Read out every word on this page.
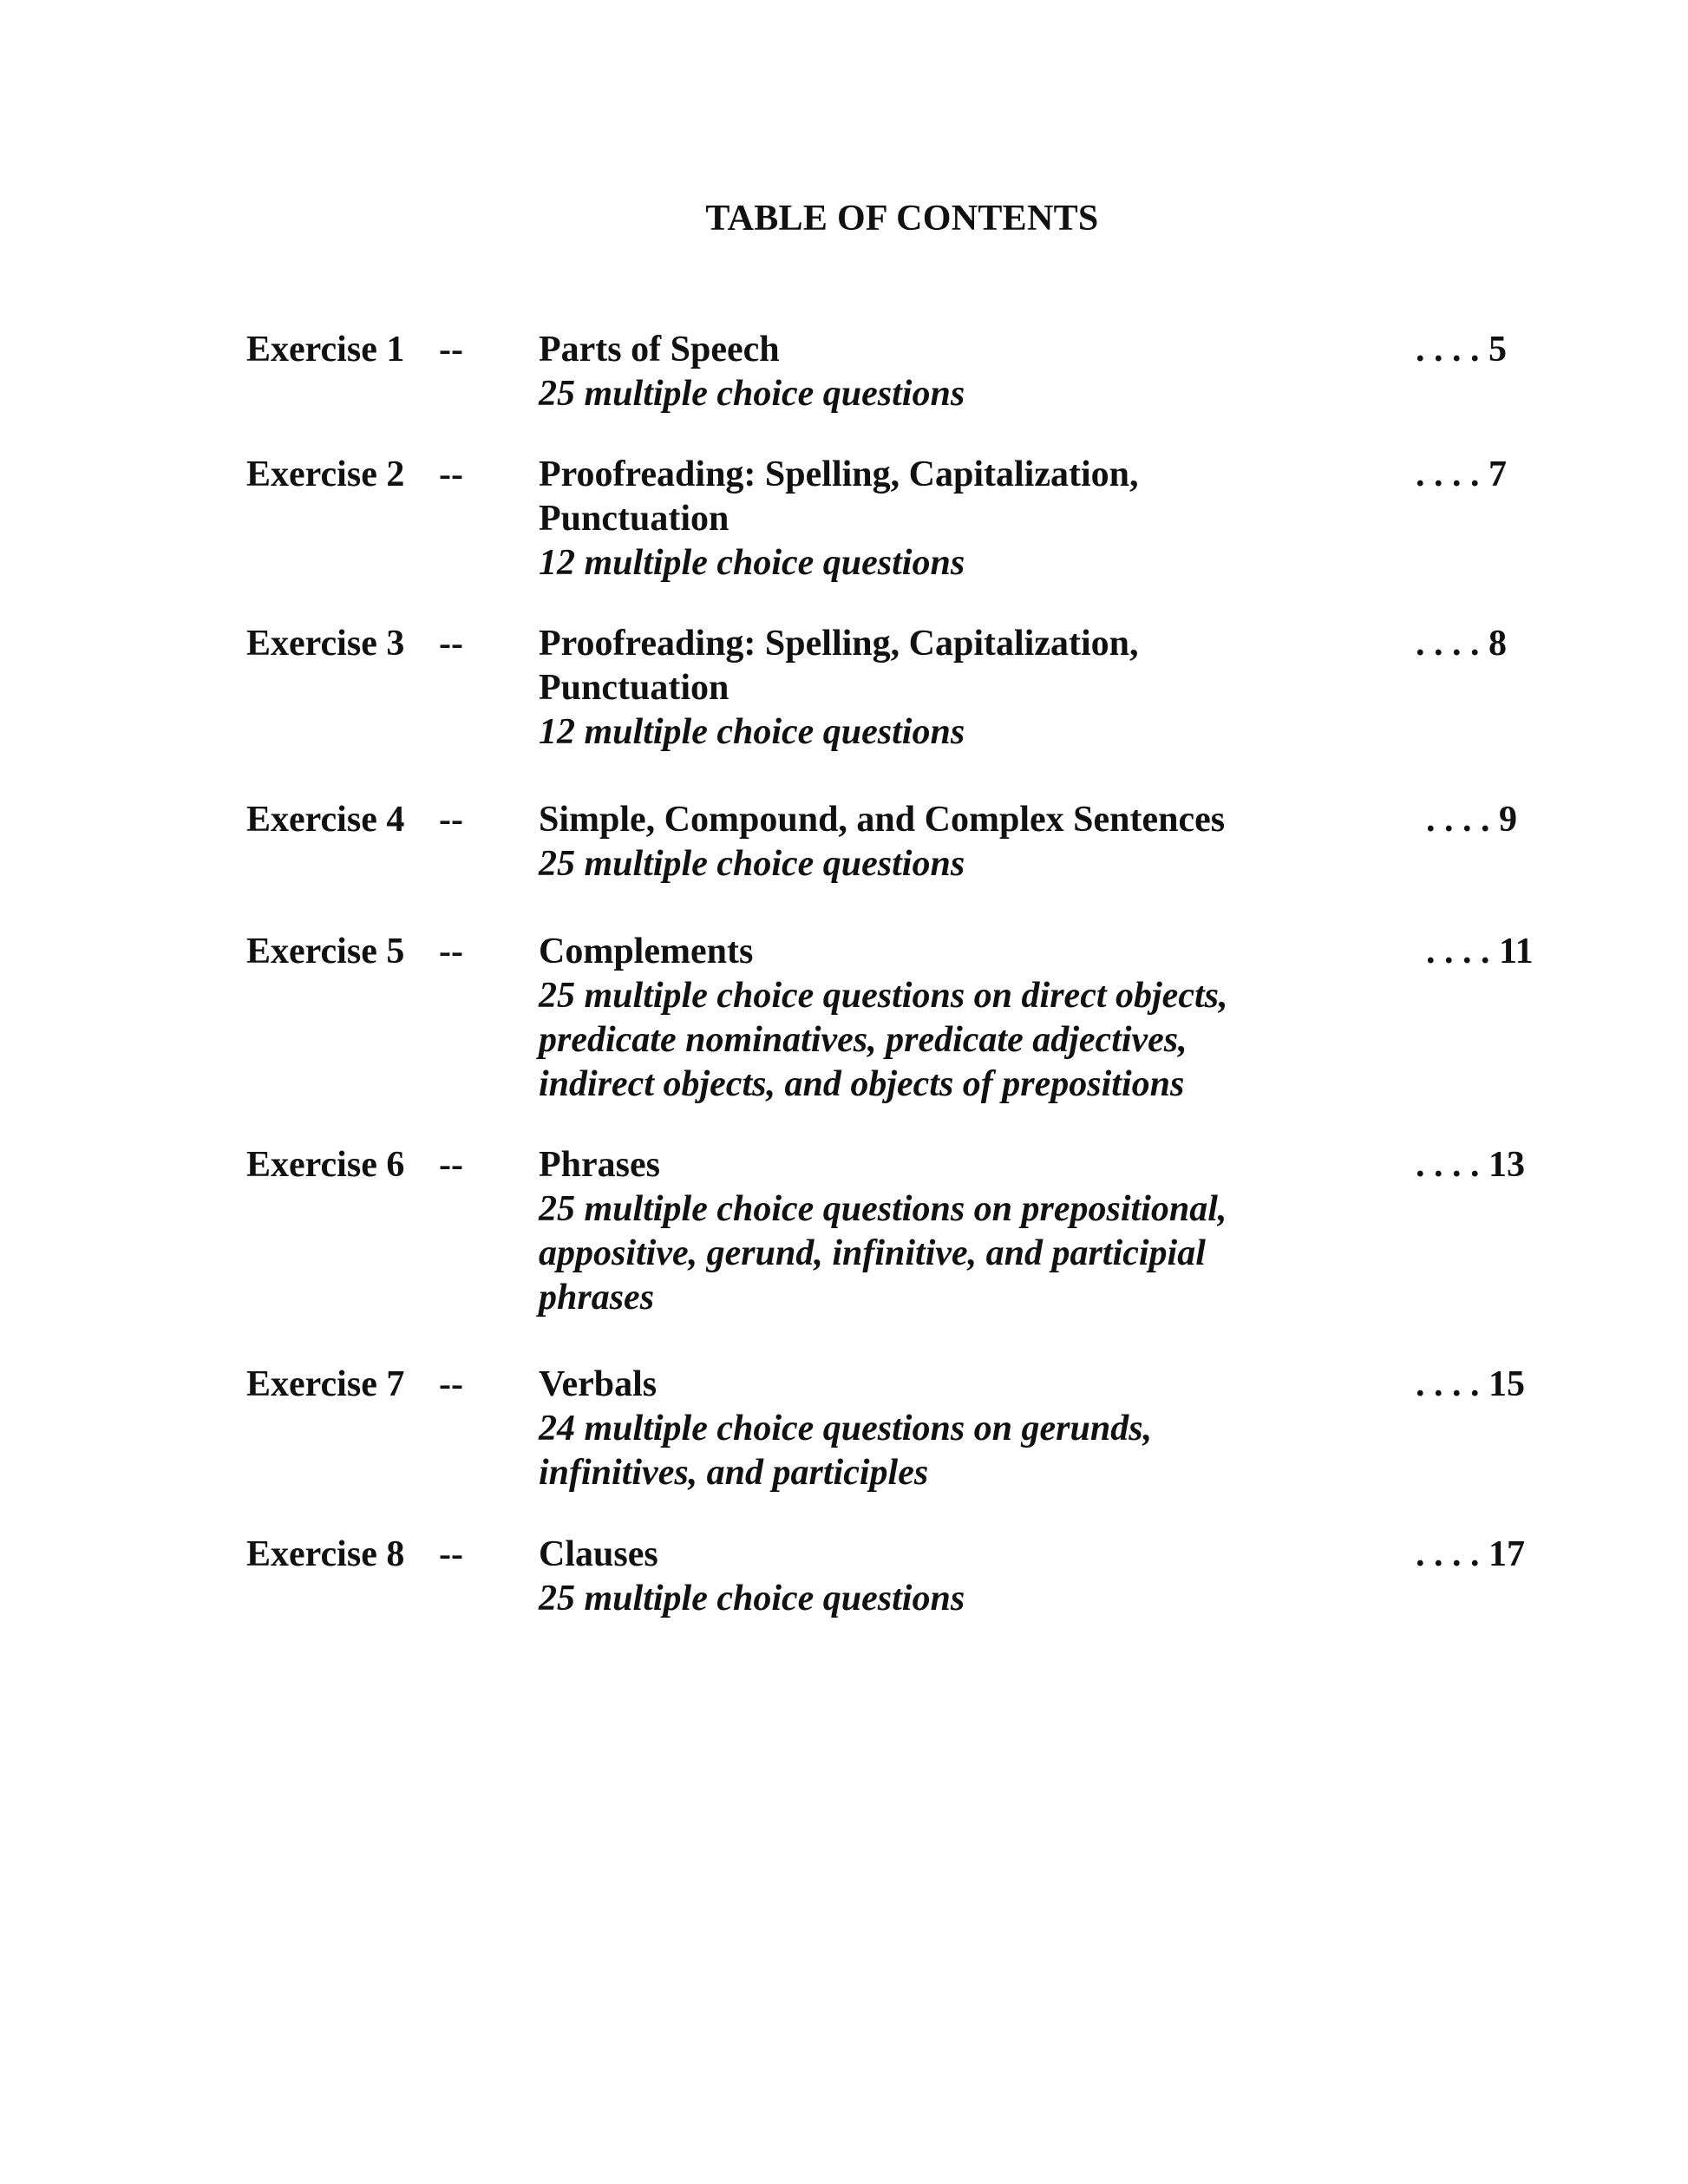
TABLE OF CONTENTS
Exercise 1 -- Parts of Speech
25 multiple choice questions
. . . . 5
Exercise 2 -- Proofreading: Spelling, Capitalization,
Punctuation
12 multiple choice questions
. . . . 7
Exercise 3 -- Proofreading: Spelling, Capitalization,
Punctuation
12 multiple choice questions
. . . . 8
Exercise 4 -- Simple, Compound, and Complex Sentences
25 multiple choice questions
. . . . 9
Exercise 5 -- Complements
25 multiple choice questions on direct objects,
predicate nominatives, predicate adjectives,
indirect objects, and objects of prepositions
. . . . 11
Exercise 6 -- Phrases
25 multiple choice questions on prepositional,
appositive, gerund, infinitive, and participial
phrases
. . . . 13
Exercise 7 -- Verbals
24 multiple choice questions on gerunds,
infinitives, and participles
. . . . 15
Exercise 8 -- Clauses
25 multiple choice questions
. . . . 17
